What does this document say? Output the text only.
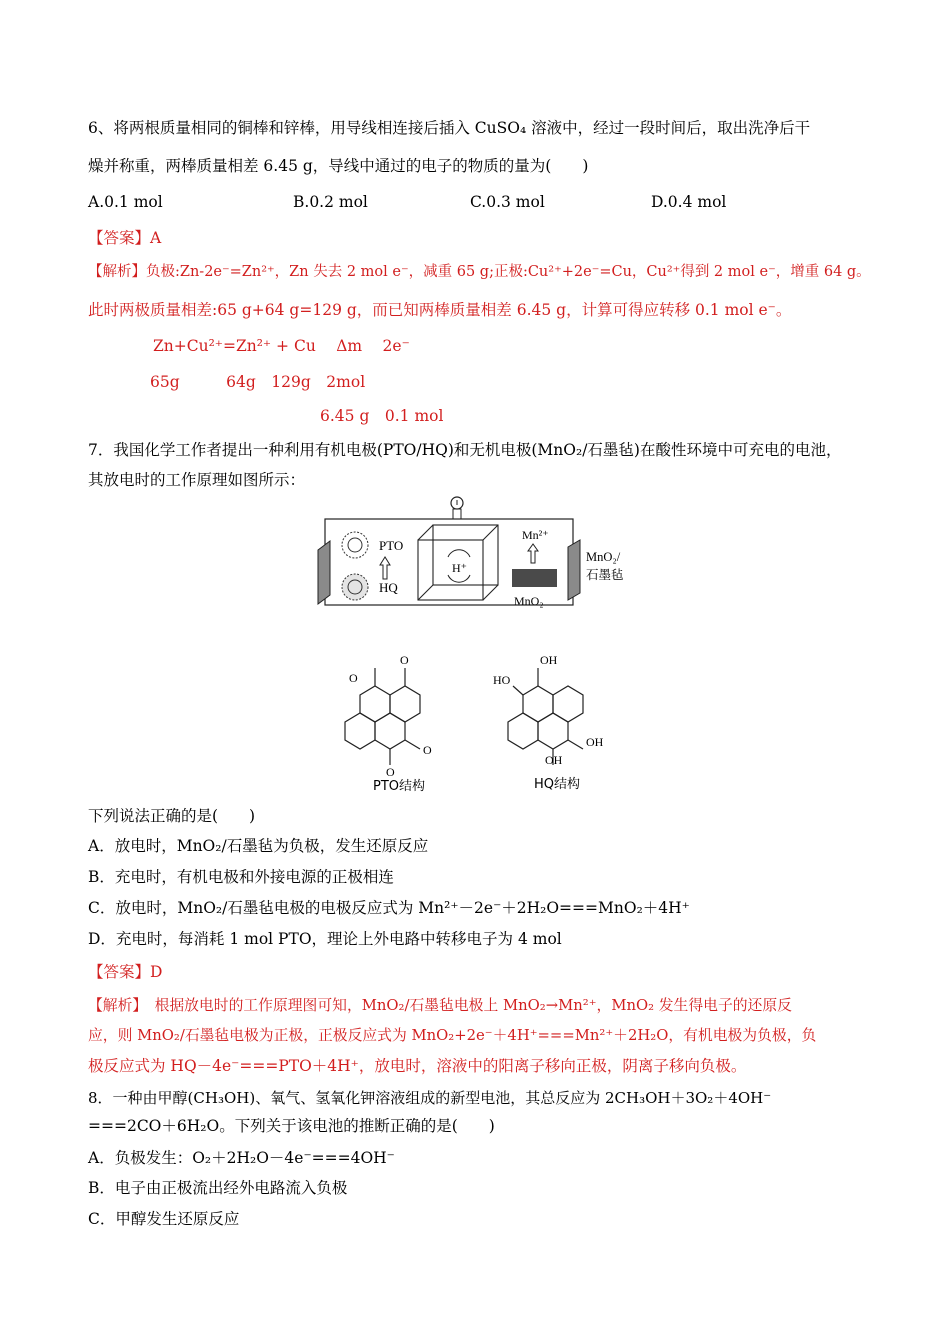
6、将两根质量相同的铜棒和锌棒，用导线相连接后插入 CuSO₄ 溶液中，经过一段时间后，取出洗净后干
燥并称重，两棒质量相差 6.45 g，导线中通过的电子的物质的量为(　　)
A.0.1 mol	B.0.2 mol	C.0.3 mol	D.0.4 mol
【答案】A
【解析】负极:Zn-2e⁻=Zn²⁺，Zn 失去 2 mol e⁻，减重 65 g;正极:Cu²⁺+2e⁻=Cu，Cu²⁺得到 2 mol e⁻，增重 64 g。
此时两极质量相差:65 g+64 g=129 g，而已知两棒质量相差 6.45 g，计算可得应转移 0.1 mol e⁻。
Zn+Cu²⁺=Zn²⁺ + Cu　 Δm　 2e⁻
65g　　　64g　129g　2mol
6.45 g　0.1 mol
7．我国化学工作者提出一种利用有机电极(PTO/HQ)和无机电极(MnO₂/石墨毡)在酸性环境中可充电的电池，
其放电时的工作原理如图所示：
PTO
HQ
H⁺
Mn²⁺
MnO₂
MnO₂/
石墨毡
O
O
O
O
PTO结构
OH
HO
OH
OH
HQ结构
下列说法正确的是(　　)
A．放电时，MnO₂/石墨毡为负极，发生还原反应
B．充电时，有机电极和外接电源的正极相连
C．放电时，MnO₂/石墨毡电极的电极反应式为 Mn²⁺－2e⁻＋2H₂O===MnO₂＋4H⁺
D．充电时，每消耗 1 mol PTO，理论上外电路中转移电子为 4 mol
【答案】D
【解析】　根据放电时的工作原理图可知，MnO₂/石墨毡电极上 MnO₂→Mn²⁺，MnO₂ 发生得电子的还原反
应，则 MnO₂/石墨毡电极为正极，正极反应式为 MnO₂+2e⁻＋4H⁺===Mn²⁺＋2H₂O，有机电极为负极，负
极反应式为 HQ－4e⁻===PTO＋4H⁺，放电时，溶液中的阳离子移向正极，阴离子移向负极。
8．一种由甲醇(CH₃OH)、氧气、氢氧化钾溶液组成的新型电池，其总反应为 2CH₃OH＋3O₂＋4OH⁻
===2CO＋6H₂O。下列关于该电池的推断正确的是(　　)
A．负极发生：O₂＋2H₂O－4e⁻===4OH⁻
B．电子由正极流出经外电路流入负极
C．甲醇发生还原反应
